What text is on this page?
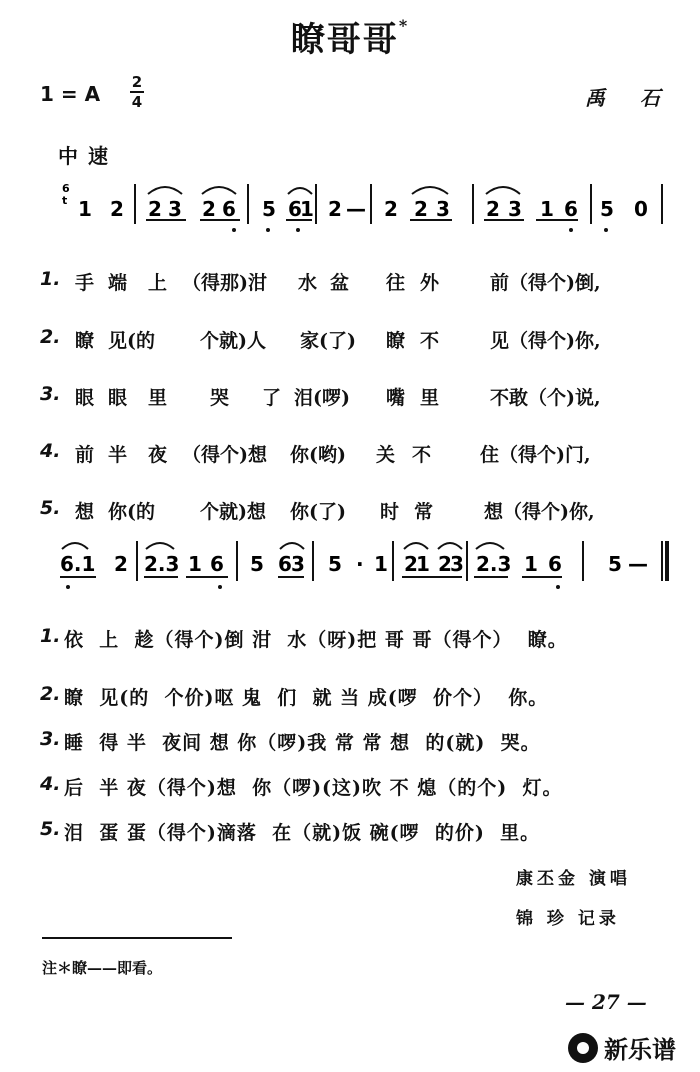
瞭哥哥*
1 = A 2
4	禹 石
中速
6
t 1 2 2 3 2 6 5 6
1 2 — 2 2 3 2 3 1 6 5 0
1. 手 端 上 （得那)泔 水 盆 往 外	前（得个)倒,
2. 瞭 见(的 个就)人 家(了) 瞭 不	见（得个)你,
3. 眼 眼 里 哭 了 泪(啰) 嘴 里	不敢（个)说,
4. 前 半 夜 （得个)想 你(哟) 关 不	住（得个)门,
5. 想 你(的 个就)想 你(了) 时 常	想（得个)你,
6.1 2 2.3 1 6 5 6 3 5 · 1 2
1 2
3 2.3 1 6 5 —
1. 依  上  趁（得个)倒 泔  水（呀)把 哥 哥（得个）  瞭。
2. 瞭  见(的  个价)呕 鬼  们  就 当 成(啰  价个）  你。
3. 睡  得 半  夜间 想 你（啰)我 常 常 想  的(就)  哭。
4. 后  半 夜（得个)想  你（啰)(这)吹 不 熄（的个)  灯。
5. 泪  蛋 蛋（得个)滴落  在（就)饭 碗(啰  的价)  里。
康丕金 演唱
锦 珍 记录
注＊瞭——即看。
— 27 —
新乐谱
